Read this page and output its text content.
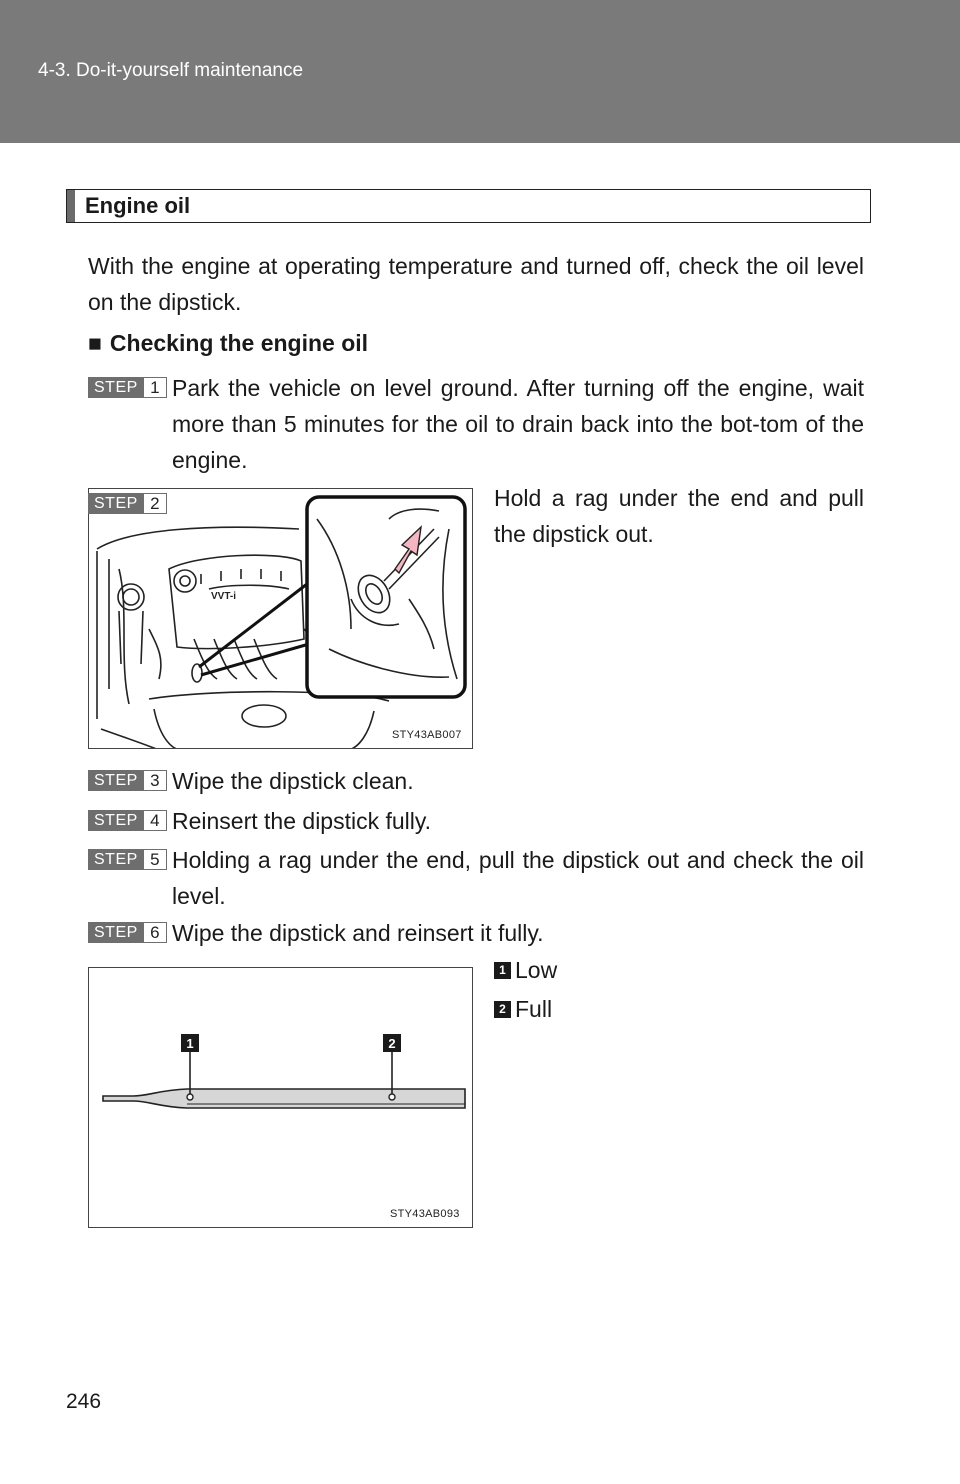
4-3. Do-it-yourself maintenance
Engine oil
With the engine at operating temperature and turned off, check the oil level on the dipstick.
■ Checking the engine oil
STEP 1 Park the vehicle on level ground. After turning off the engine, wait more than 5 minutes for the oil to drain back into the bot-tom of the engine.
VVT-i
STY43AB007
STEP 2	Hold a rag under the end and pull the dipstick out.
STEP 3 Wipe the dipstick clean.
STEP 4 Reinsert the dipstick fully.
STEP 5 Holding a rag under the end, pull the dipstick out and check the oil level.
STEP 6 Wipe the dipstick and reinsert it fully.
1	2
STY43AB093
1 Low
2 Full
246
